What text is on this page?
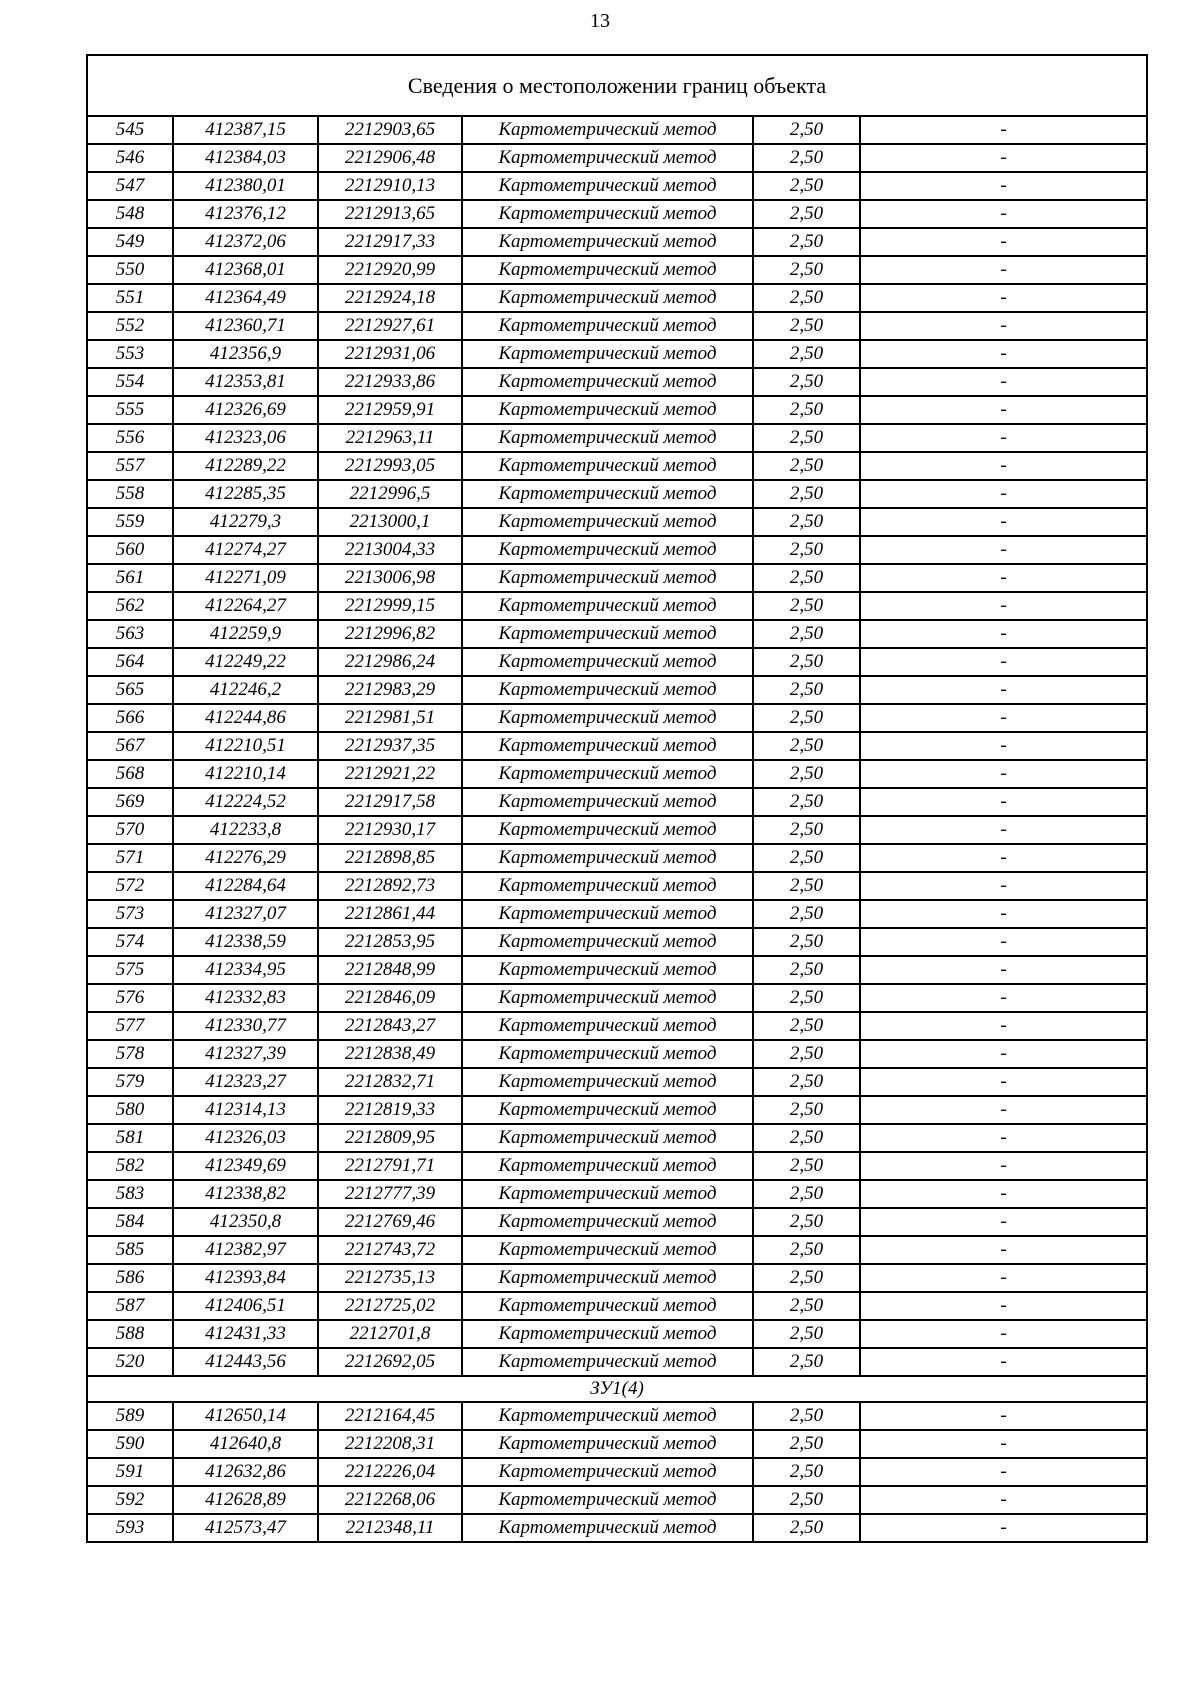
13
Сведения о местоположении границ объекта					
545	412387,15	2212903,65	Картометрический метод	2,50	-
546	412384,03	2212906,48	Картометрический метод	2,50	-
547	412380,01	2212910,13	Картометрический метод	2,50	-
548	412376,12	2212913,65	Картометрический метод	2,50	-
549	412372,06	2212917,33	Картометрический метод	2,50	-
550	412368,01	2212920,99	Картометрический метод	2,50	-
551	412364,49	2212924,18	Картометрический метод	2,50	-
552	412360,71	2212927,61	Картометрический метод	2,50	-
553	412356,9	2212931,06	Картометрический метод	2,50	-
554	412353,81	2212933,86	Картометрический метод	2,50	-
555	412326,69	2212959,91	Картометрический метод	2,50	-
556	412323,06	2212963,11	Картометрический метод	2,50	-
557	412289,22	2212993,05	Картометрический метод	2,50	-
558	412285,35	2212996,5	Картометрический метод	2,50	-
559	412279,3	2213000,1	Картометрический метод	2,50	-
560	412274,27	2213004,33	Картометрический метод	2,50	-
561	412271,09	2213006,98	Картометрический метод	2,50	-
562	412264,27	2212999,15	Картометрический метод	2,50	-
563	412259,9	2212996,82	Картометрический метод	2,50	-
564	412249,22	2212986,24	Картометрический метод	2,50	-
565	412246,2	2212983,29	Картометрический метод	2,50	-
566	412244,86	2212981,51	Картометрический метод	2,50	-
567	412210,51	2212937,35	Картометрический метод	2,50	-
568	412210,14	2212921,22	Картометрический метод	2,50	-
569	412224,52	2212917,58	Картометрический метод	2,50	-
570	412233,8	2212930,17	Картометрический метод	2,50	-
571	412276,29	2212898,85	Картометрический метод	2,50	-
572	412284,64	2212892,73	Картометрический метод	2,50	-
573	412327,07	2212861,44	Картометрический метод	2,50	-
574	412338,59	2212853,95	Картометрический метод	2,50	-
575	412334,95	2212848,99	Картометрический метод	2,50	-
576	412332,83	2212846,09	Картометрический метод	2,50	-
577	412330,77	2212843,27	Картометрический метод	2,50	-
578	412327,39	2212838,49	Картометрический метод	2,50	-
579	412323,27	2212832,71	Картометрический метод	2,50	-
580	412314,13	2212819,33	Картометрический метод	2,50	-
581	412326,03	2212809,95	Картометрический метод	2,50	-
582	412349,69	2212791,71	Картометрический метод	2,50	-
583	412338,82	2212777,39	Картометрический метод	2,50	-
584	412350,8	2212769,46	Картометрический метод	2,50	-
585	412382,97	2212743,72	Картометрический метод	2,50	-
586	412393,84	2212735,13	Картометрический метод	2,50	-
587	412406,51	2212725,02	Картометрический метод	2,50	-
588	412431,33	2212701,8	Картометрический метод	2,50	-
520	412443,56	2212692,05	Картометрический метод	2,50	-
ЗУ1(4)					
589	412650,14	2212164,45	Картометрический метод	2,50	-
590	412640,8	2212208,31	Картометрический метод	2,50	-
591	412632,86	2212226,04	Картометрический метод	2,50	-
592	412628,89	2212268,06	Картометрический метод	2,50	-
593	412573,47	2212348,11	Картометрический метод	2,50	-
